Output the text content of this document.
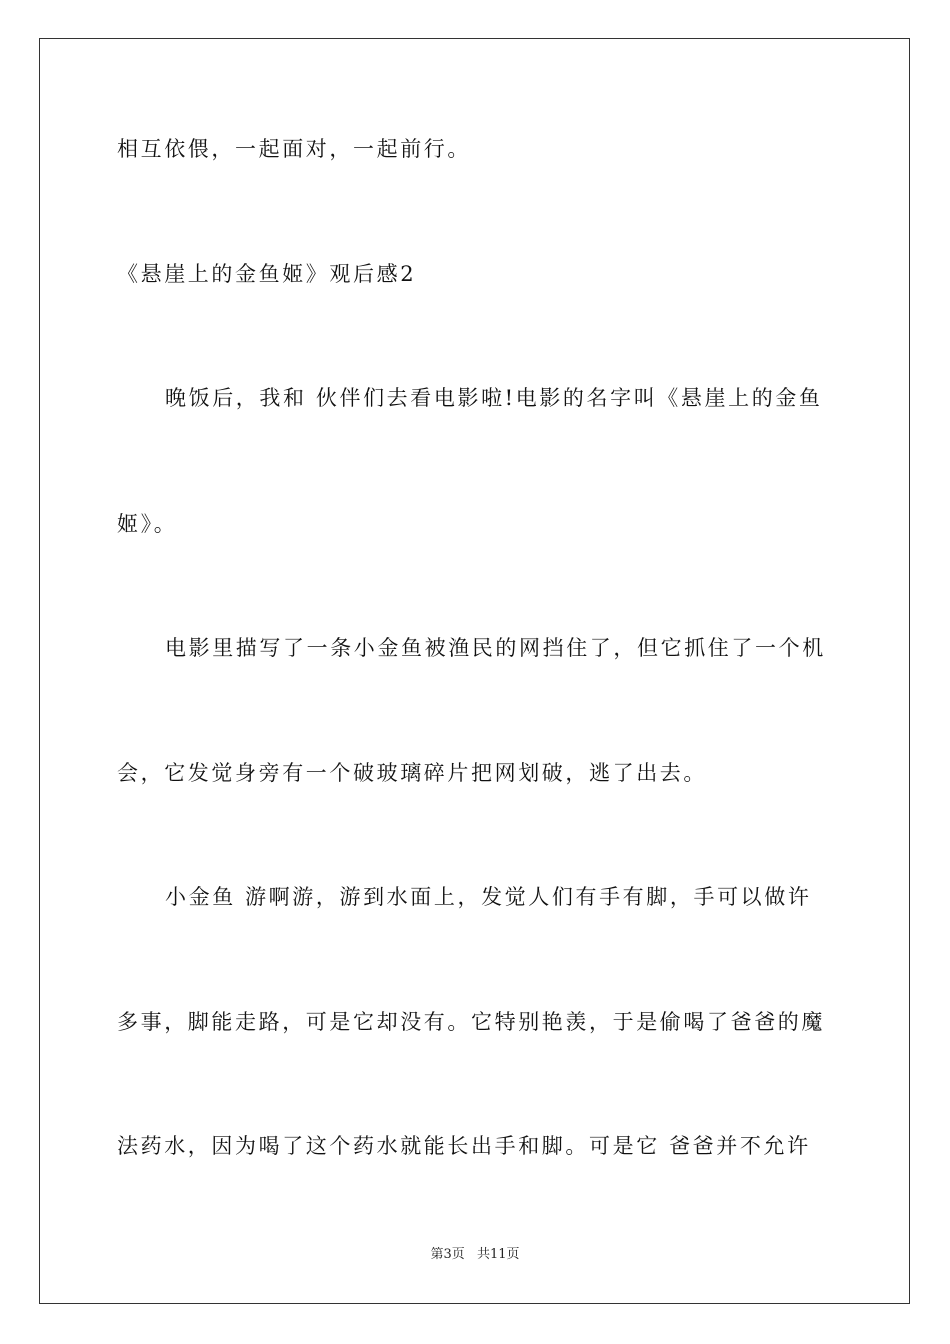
相互依偎，一起面对，一起前行。
《悬崖上的金鱼姬》观后感2
晚饭后，我和 伙伴们去看电影啦!电影的名字叫《悬崖上的金鱼
姬》。
电影里描写了一条小金鱼被渔民的网挡住了，但它抓住了一个机
会，它发觉身旁有一个破玻璃碎片把网划破，逃了出去。
小金鱼 游啊游，游到水面上，发觉人们有手有脚，手可以做许
多事，脚能走路，可是它却没有。它特别艳羡，于是偷喝了爸爸的魔
法药水，因为喝了这个药水就能长出手和脚。可是它 爸爸并不允许
第3页 共11页
